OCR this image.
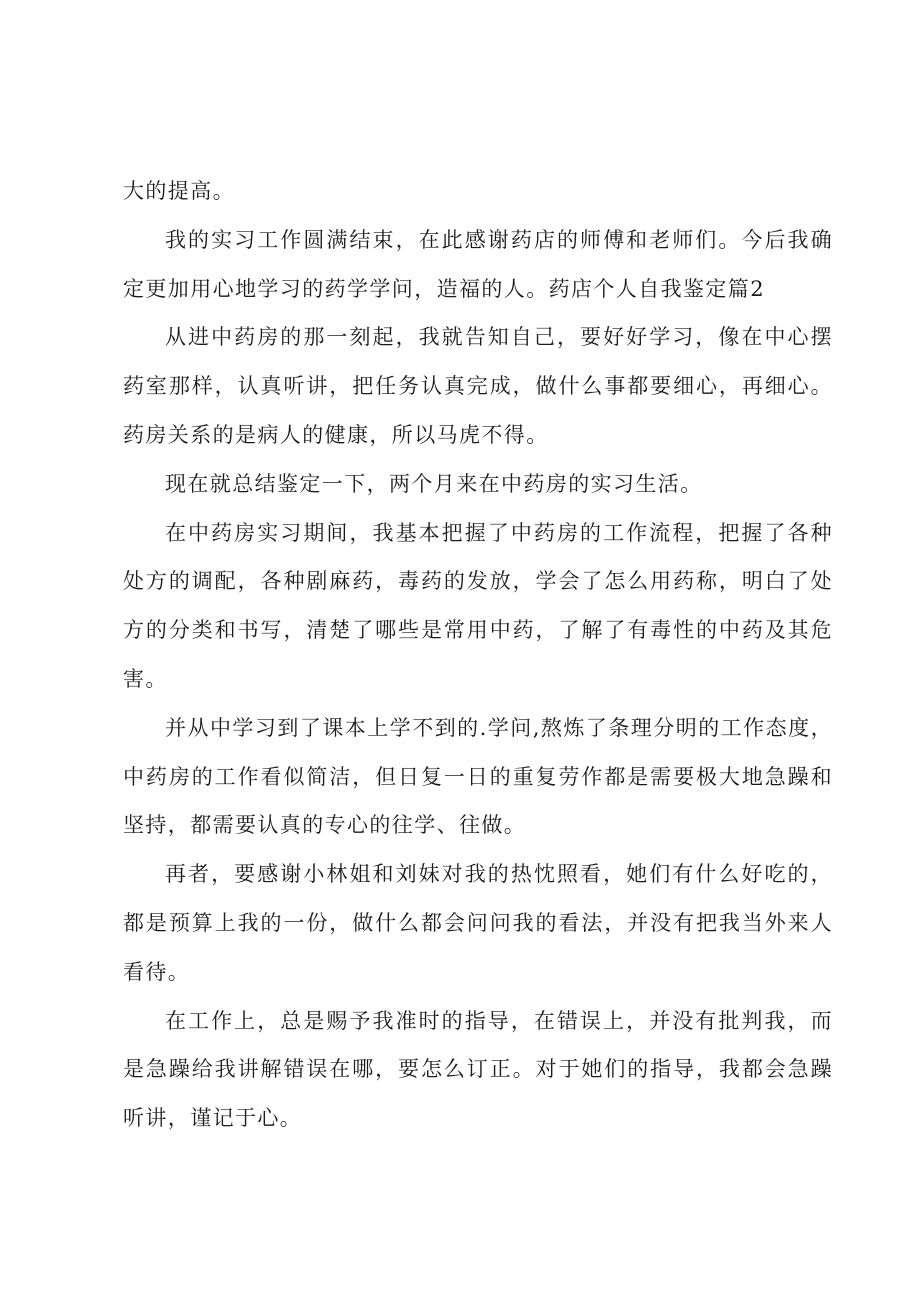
大的提高。

我的实习工作圆满结束，在此感谢药店的师傅和老师们。今后我确定更加用心地学习的药学学问，造福的人。药店个人自我鉴定篇2

从进中药房的那一刻起，我就告知自己，要好好学习，像在中心摆药室那样，认真听讲，把任务认真完成，做什么事都要细心，再细心。药房关系的是病人的健康，所以马虎不得。

现在就总结鉴定一下，两个月来在中药房的实习生活。

在中药房实习期间，我基本把握了中药房的工作流程，把握了各种处方的调配，各种剧麻药，毒药的发放，学会了怎么用药称，明白了处方的分类和书写，清楚了哪些是常用中药，了解了有毒性的中药及其危害。

并从中学习到了课本上学不到的.学问,熬炼了条理分明的工作态度，中药房的工作看似简洁，但日复一日的重复劳作都是需要极大地急躁和坚持，都需要认真的专心的往学、往做。

再者，要感谢小林姐和刘妹对我的热忱照看，她们有什么好吃的，都是预算上我的一份，做什么都会问问我的看法，并没有把我当外来人看待。

在工作上，总是赐予我准时的指导，在错误上，并没有批判我，而是急躁给我讲解错误在哪，要怎么订正。对于她们的指导，我都会急躁听讲，谨记于心。
